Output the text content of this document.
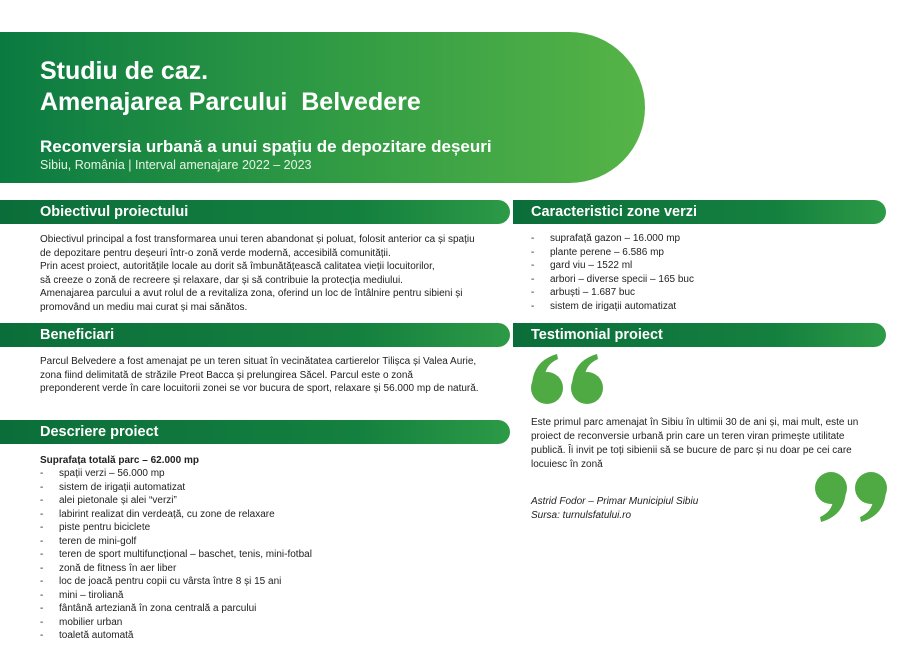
Studiu de caz.
Amenajarea Parcului  Belvedere
Reconversia urbană a unui spațiu de depozitare deșeuri

Sibiu, România | Interval amenajare 2022 – 2023

Obiectivul proiectului

Obiectivul principal a fost transformarea unui teren abandonat și poluat, folosit anterior ca și spațiu
de depozitare pentru deșeuri într-o zonă verde modernă, accesibilă comunității.
Prin acest proiect, autoritățile locale au dorit să îmbunătățească calitatea vieții locuitorilor,
să creeze o zonă de recreere și relaxare, dar și să contribuie la protecția mediului.
Amenajarea parcului a avut rolul de a revitaliza zona, oferind un loc de întâlnire pentru sibieni și
promovând un mediu mai curat și mai sănătos.

Caracteristici zone verzi
- suprafață gazon – 16.000 mp
- plante perene – 6.586 mp
- gard viu – 1522 ml
- arbori – diverse specii – 165 buc
- arbuști – 1.687 buc
- sistem de irigații automatizat
Beneficiari

Parcul Belvedere a fost amenajat pe un teren situat în vecinătatea cartierelor Tilișca și Valea Aurie,
zona fiind delimitată de străzile Preot Bacca și prelungirea Săcel. Parcul este o zonă
preponderent verde în care locuitorii zonei se vor bucura de sport, relaxare și 56.000 mp de natură.

Testimonial proiect

Este primul parc amenajat în Sibiu în ultimii 30 de ani și, mai mult, este un
proiect de reconversie urbană prin care un teren viran primește utilitate
publică. Îi invit pe toți sibienii să se bucure de parc și nu doar pe cei care
locuiesc în zonă

Astrid Fodor – Primar Municipiul Sibiu
Sursa: turnulsfatului.ro

Descriere proiect

Suprafața totală parc – 62.000 mp

- spații verzi – 56.000 mp
- sistem de irigații automatizat
- alei pietonale și alei “verzi”
- labirint realizat din verdeață, cu zone de relaxare
- piste pentru biciclete
- teren de mini-golf
- teren de sport multifuncțional – baschet, tenis, mini-fotbal
- zonă de fitness în aer liber
- loc de joacă pentru copii cu vârsta între 8 și 15 ani
- mini – tiroliană
- fântână arteziană în zona centrală a parcului
- mobilier urban
- toaletă automată
